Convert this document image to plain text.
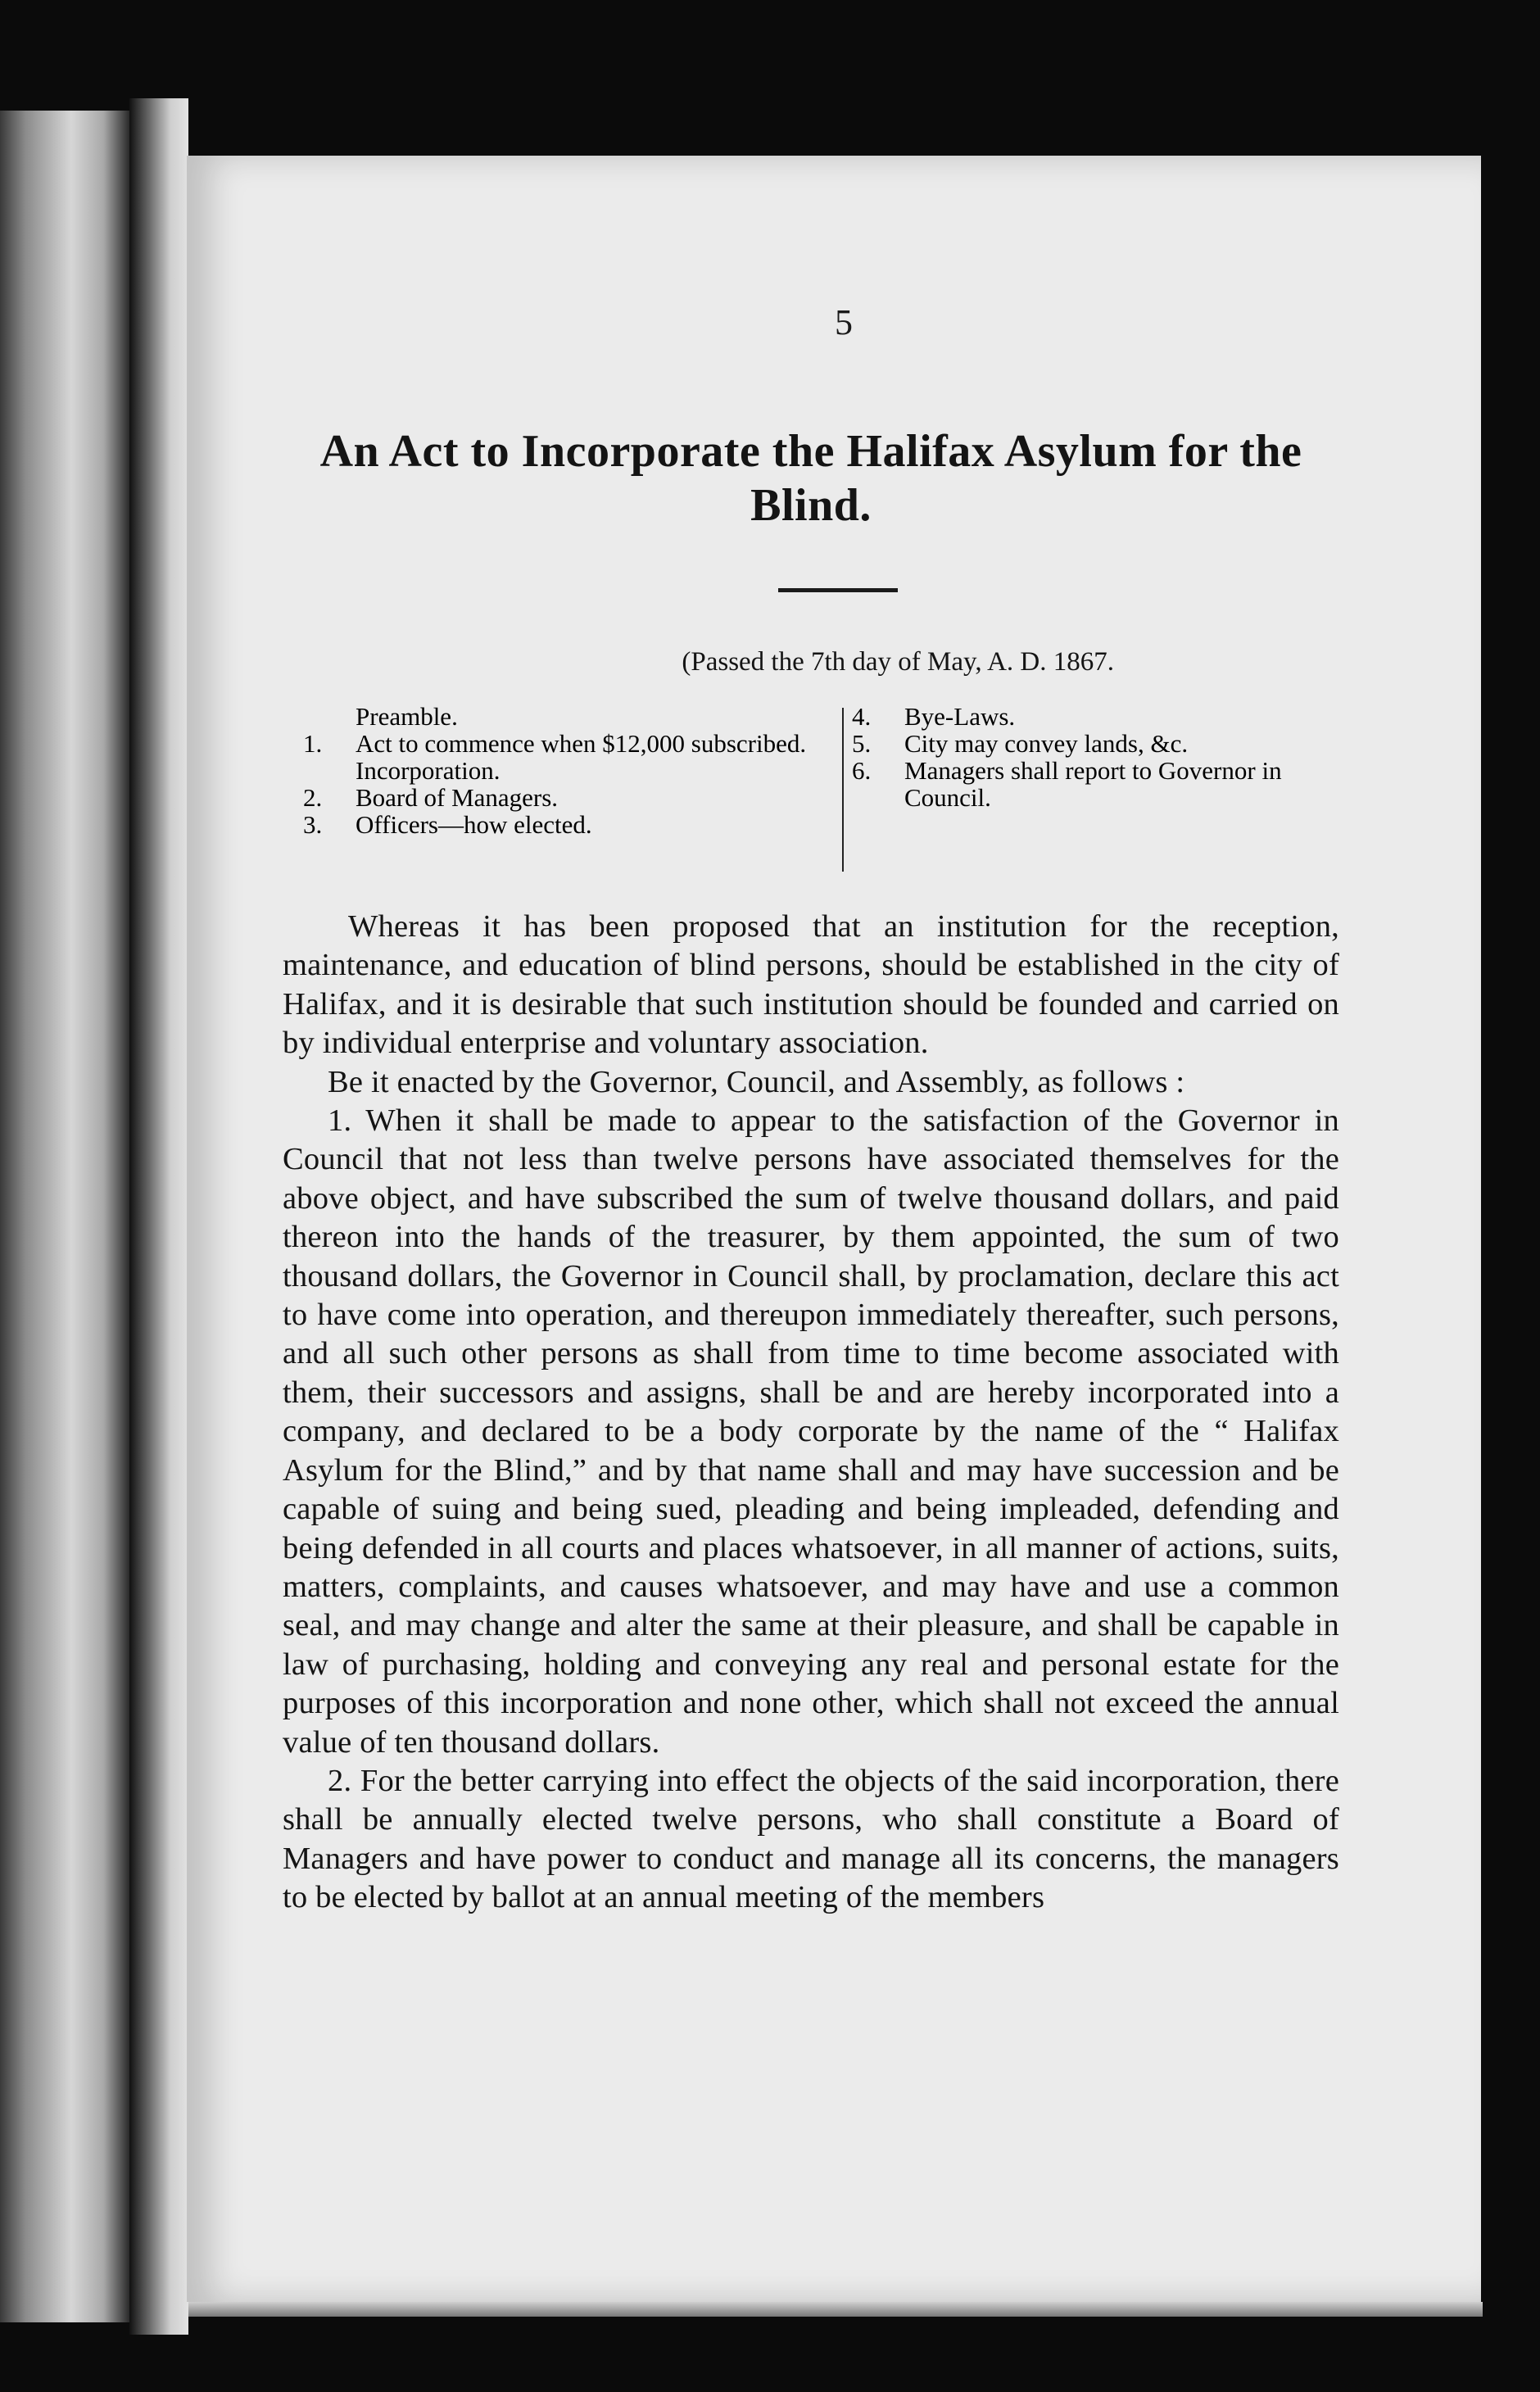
5
An Act to Incorporate the Halifax Asylum for the Blind.
(Passed the 7th day of May, A. D. 1867.
Preamble.
1. Act to commence when $12,000 subscribed. Incorporation.
2. Board of Managers.
3. Officers—how elected.
4. Bye-Laws.
5. City may convey lands, &c.
6. Managers shall report to Governor in Council.

Whereas it has been proposed that an institution for the reception, maintenance, and education of blind persons, should be established in the city of Halifax, and it is desirable that such institution should be founded and carried on by individual enterprise and voluntary association.

Be it enacted by the Governor, Council, and Assembly, as follows :

1. When it shall be made to appear to the satisfaction of the Governor in Council that not less than twelve persons have associated themselves for the above object, and have subscribed the sum of twelve thousand dollars, and paid thereon into the hands of the treasurer, by them appointed, the sum of two thousand dollars, the Governor in Council shall, by proclamation, declare this act to have come into operation, and thereupon immediately thereafter, such persons, and all such other persons as shall from time to time become associated with them, their successors and assigns, shall be and are hereby incorporated into a company, and declared to be a body corporate by the name of the “ Halifax Asylum for the Blind,” and by that name shall and may have succession and be capable of suing and being sued, pleading and being impleaded, defending and being defended in all courts and places whatsoever, in all manner of actions, suits, matters, complaints, and causes whatsoever, and may have and use a common seal, and may change and alter the same at their pleasure, and shall be capable in law of purchasing, holding and conveying any real and personal estate for the purposes of this incorporation and none other, which shall not exceed the annual value of ten thousand dollars.

2. For the better carrying into effect the objects of the said incorporation, there shall be annually elected twelve persons, who shall constitute a Board of Managers and have power to conduct and manage all its concerns, the managers to be elected by ballot at an annual meeting of the members
